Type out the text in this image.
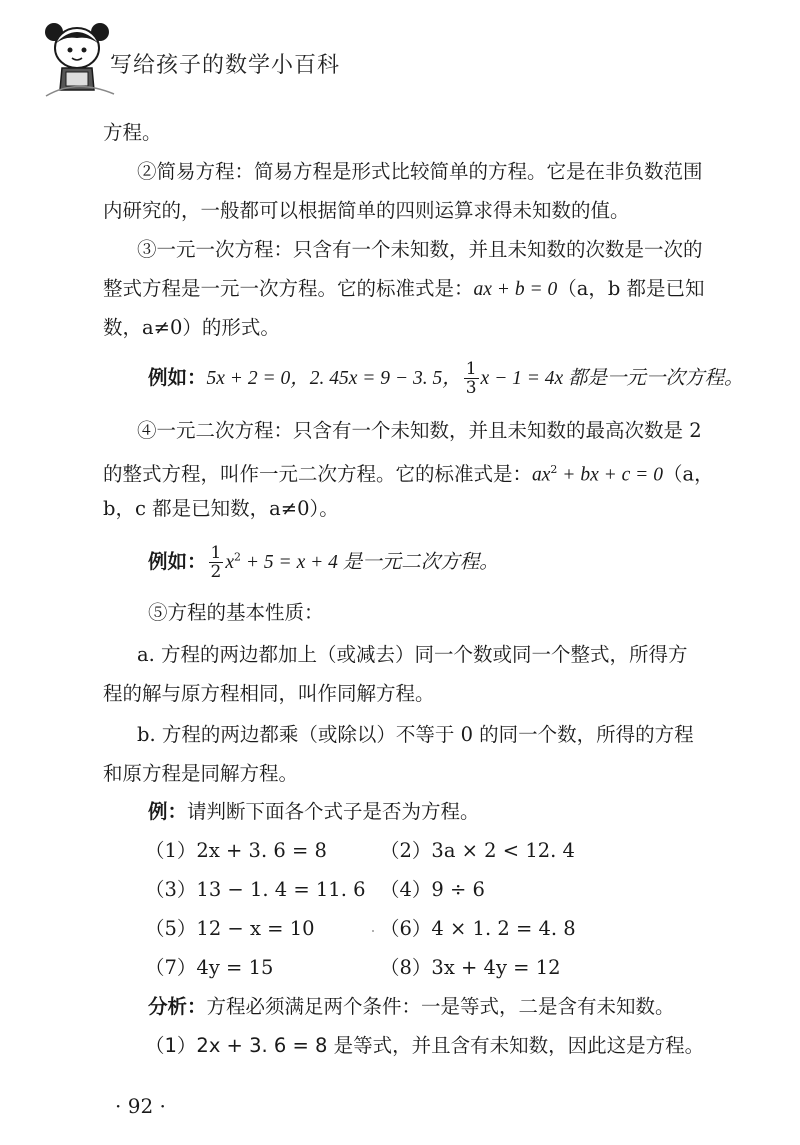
写给孩子的数学小百科
方程。
②简易方程：简易方程是形式比较简单的方程。它是在非负数范围
内研究的，一般都可以根据简单的四则运算求得未知数的值。
③一元一次方程：只含有一个未知数，并且未知数的次数是一次的
整式方程是一元一次方程。它的标准式是：ax + b = 0（a，b 都是已知
数，a≠0）的形式。
例如：5x + 2 = 0，2. 45x = 9 − 3. 5， $\frac{1}{3}$ x − 1 = 4x 都是一元一次方程。
④一元二次方程：只含有一个未知数，并且未知数的最高次数是 2
的整式方程，叫作一元二次方程。它的标准式是：$ax^2$ + bx + c = 0（a，
b，c 都是已知数，a≠0）。
例如： $\frac{1}{2} x^2 + 5 = x + 4$ 是一元二次方程。
⑤方程的基本性质：
a. 方程的两边都加上（或减去）同一个数或同一个整式，所得方
程的解与原方程相同，叫作同解方程。
b. 方程的两边都乘（或除以）不等于 0 的同一个数，所得的方程
和原方程是同解方程。
例：请判断下面各个式子是否为方程。
（1）2x + 3. 6 = 8	（2）3a × 2 < 12. 4
（3）13 − 1. 4 = 11. 6 （4）9 ÷ 6
（5）12 − x = 10	（6）4 × 1. 2 = 4. 8
（7）4y = 15	（8）3x + 4y = 12
分析：方程必须满足两个条件：一是等式，二是含有未知数。
（1）2x + 3. 6 = 8 是等式，并且含有未知数，因此这是方程。
· 92 ·
